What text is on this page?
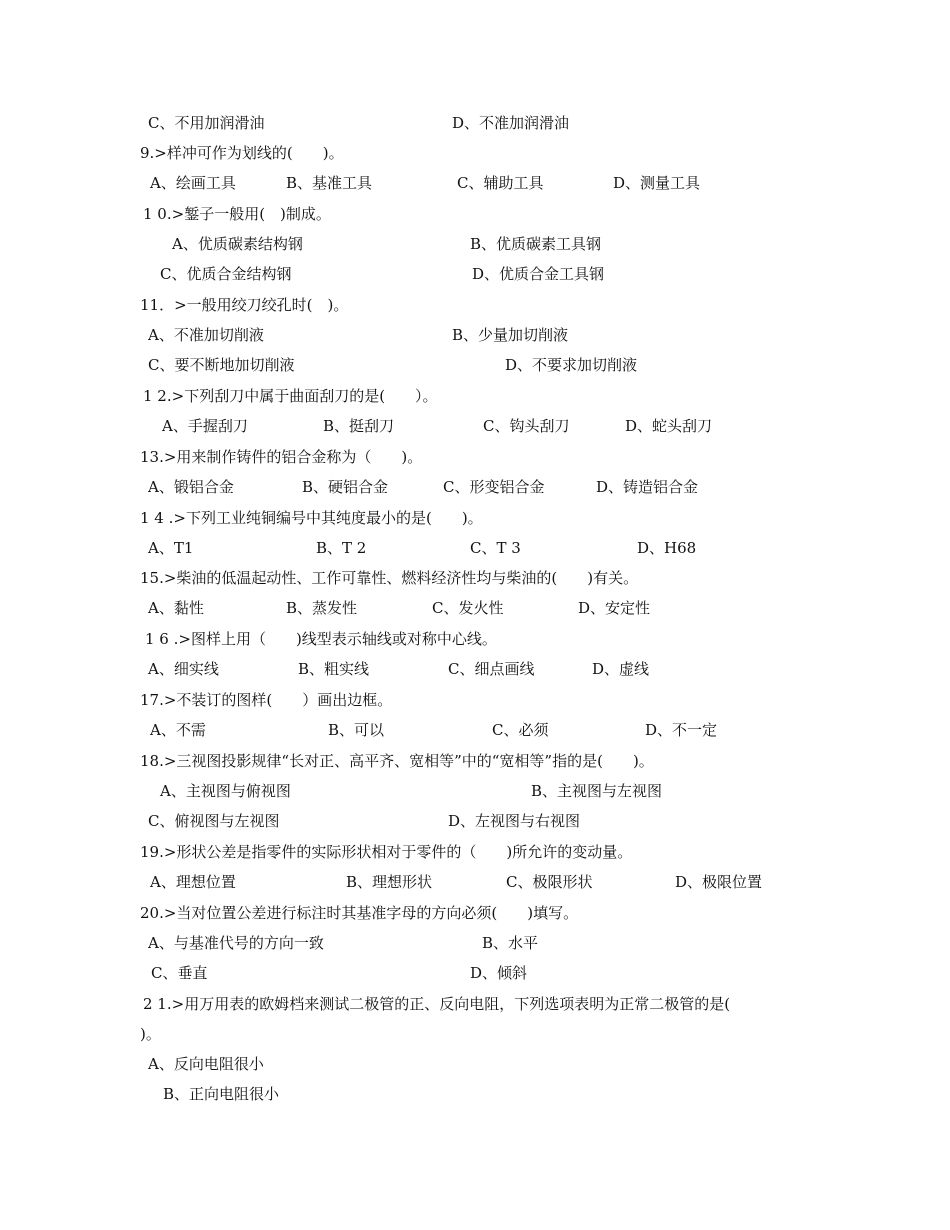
C、不用加润滑油	D、不准加润滑油
9.>样冲可作为划线的(　　)。
A、绘画工具	B、基准工具	C、辅助工具	D、测量工具
1 0.>錾子一般用(　)制成。
A、优质碳素结构钢	B、优质碳素工具钢
C、优质合金结构钢	D、优质合金工具钢
11．>一般用绞刀绞孔时(　)。
A、不准加切削液	B、少量加切削液
C、要不断地加切削液	D、不要求加切削液
1 2.>下列刮刀中属于曲面刮刀的是(　　）。
A、手握刮刀	B、挺刮刀	C、钩头刮刀	D、蛇头刮刀
13.>用来制作铸件的铝合金称为（　　)。
A、锻铝合金	B、硬铝合金	C、形变铝合金	D、铸造铝合金
1 4 .>下列工业纯铜编号中其纯度最小的是(　　)。
A、T1	B、T 2	C、T 3	D、H68
15.>柴油的低温起动性、工作可靠性、燃料经济性均与柴油的(　　)有关。
A、黏性	B、蒸发性	C、发火性	D、安定性
1 6 .>图样上用（　　)线型表示轴线或对称中心线。
A、细实线	B、粗实线	C、细点画线	D、虚线
17.>不装订的图样(　　）画出边框。
A、不需	B、可以	C、必须	D、不一定
18.>三视图投影规律“长对正、高平齐、宽相等”中的“宽相等”指的是(　　)。
A、主视图与俯视图	B、主视图与左视图
C、俯视图与左视图	D、左视图与右视图
19.>形状公差是指零件的实际形状相对于零件的（　　)所允许的变动量。
A、理想位置	B、理想形状	C、极限形状	D、极限位置
20.>当对位置公差进行标注时其基准字母的方向必须(　　)填写。
A、与基准代号的方向一致	B、水平
C、垂直	D、倾斜
2 1.>用万用表的欧姆档来测试二极管的正、反向电阻，下列选项表明为正常二极管的是(
)。
A、反向电阻很小
B、正向电阻很小
